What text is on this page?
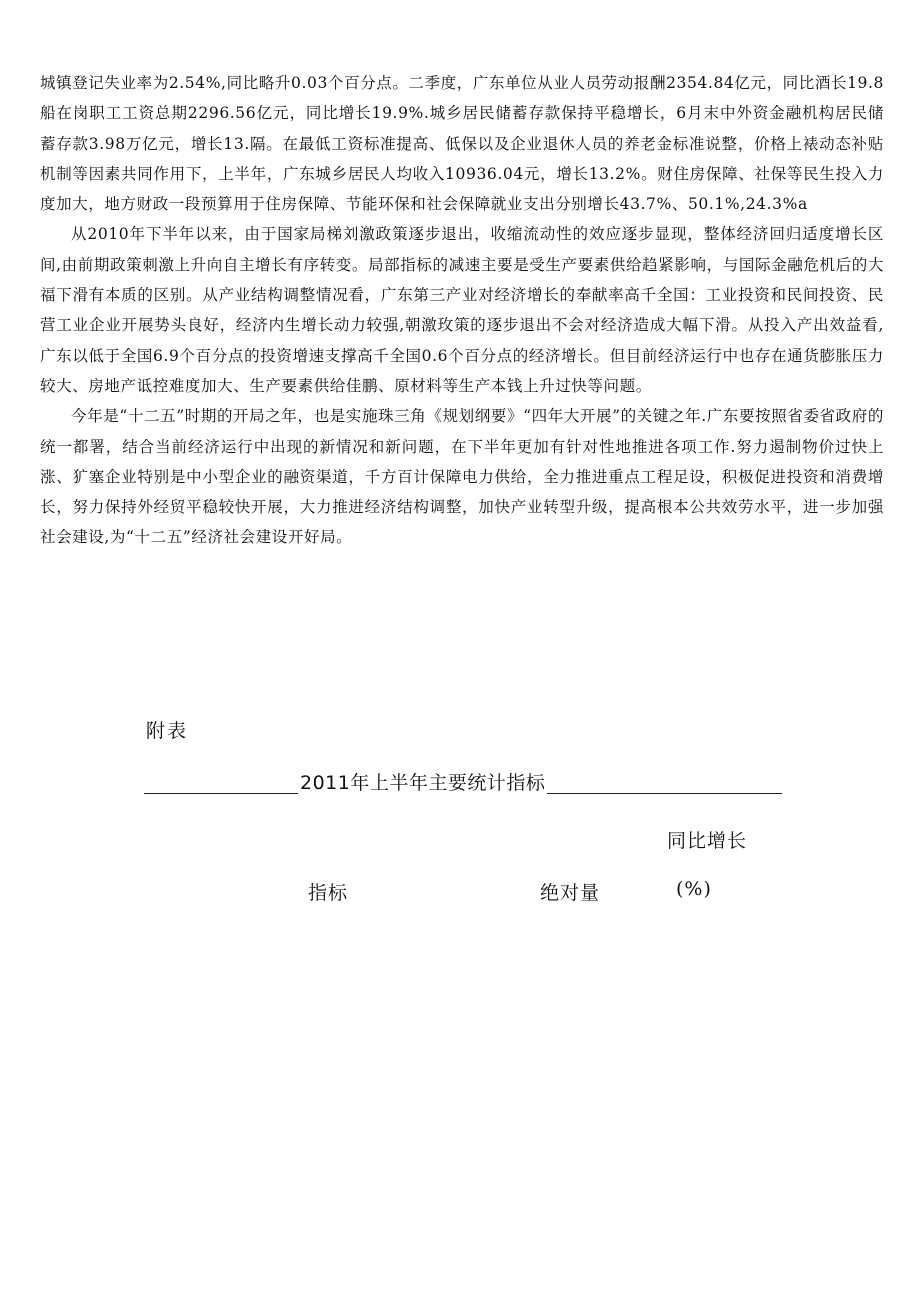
城镇登记失业率为2.54%,同比略升0.03个百分点。二季度，广东单位从业人员劳动报酬2354.84亿元，同比酒长19.8船在岗职工工资总期2296.56亿元，同比增长19.9%.城乡居民储蓄存款保持平稳增长，6月末中外资金融机构居民储蓄存款3.98万亿元，增长13.隔。在最低工资标准提高、低保以及企业退休人员的养老金标准说整，价格上裱动态补贴机制等因素共同作用下，上半年，广东城乡居民人均收入10936.04元，增长13.2%。财住房保障、社保等民生投入力度加大，地方财政一段预算用于住房保障、节能环保和社会保障就业支出分别增长43.7%、50.1%,24.3%a

从2010年下半年以来，由于国家局梯刘激政策逐步退出，收缩流动性的效应逐步显现，整体经济回归适度增长区间,由前期政策刺激上升向自主增长有序转变。局部指标的减速主要是受生产要素供给趋紧影响，与国际金融危机后的大福下滑有本质的区别。从产业结构调整情况看，广东第三产业对经济增长的奉献率高千全国：工业投资和民间投资、民营工业企业开展势头良好，经济内生增长动力较强,朝激玫策的逐步退出不会对经济造成大幅下滑。从投入产出效益看,广东以低于全国6.9个百分点的投资增速支撑高千全国0.6个百分点的经济增长。但目前经济运行中也存在通货膨胀压力较大、房地产诋控难度加大、生产要素供给佳鹏、原材料等生产本钱上升过快等问题。

今年是“十二五”时期的开局之年，也是实施珠三角《规划纲要》“四年大开展”的关键之年.广东要按照省委省政府的统一都署，结合当前经济运行中出现的新情况和新问题，在下半年更加有针对性地推进各项工作.努力遏制物价过快上涨、犷塞企业特别是中小型企业的融资渠道，千方百计保障电力供给，全力推进重点工程足设，积极促进投资和消费增长，努力保持外经贸平稳较快开展，大力推进经济结构调整，加快产业转型升级，提高根本公共效劳水平，进一步加强社会建设,为“十二五”经济社会建设开好局。

附表
2011年上半年主要统计指标
同比增长
指标	绝对量	(%)
